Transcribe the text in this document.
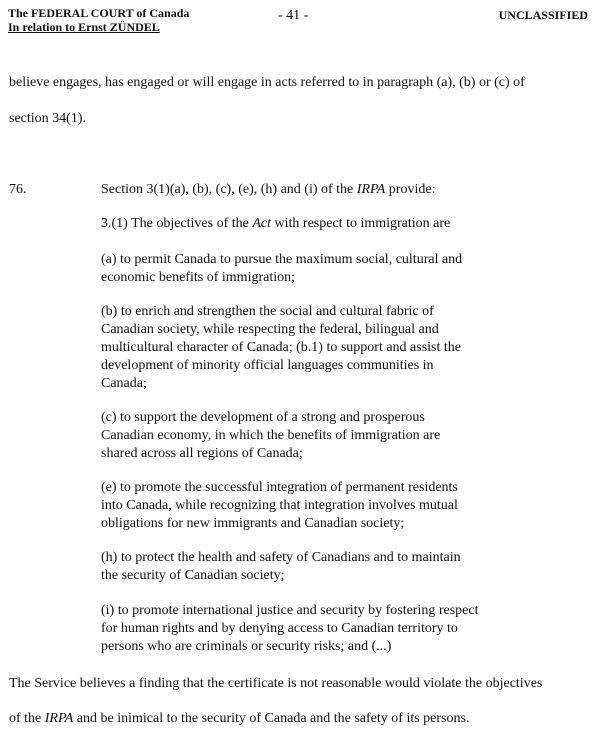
The FEDERAL COURT of Canada
In relation to Ernst ZÜNDEL
- 41 -	UNCLASSIFIED
believe engages, has engaged or will engage in acts referred to in paragraph (a), (b) or (c) of
section 34(1).
76.	Section 3(1)(a), (b), (c), (e), (h) and (i) of the IRPA provide:
3.(1) The objectives of the Act with respect to immigration are
(a) to permit Canada to pursue the maximum social, cultural and
economic benefits of immigration;
(b) to enrich and strengthen the social and cultural fabric of
Canadian society, while respecting the federal, bilingual and
multicultural character of Canada; (b.1) to support and assist the
development of minority official languages communities in
Canada;
(c) to support the development of a strong and prosperous
Canadian economy, in which the benefits of immigration are
shared across all regions of Canada;
(e) to promote the successful integration of permanent residents
into Canada, while recognizing that integration involves mutual
obligations for new immigrants and Canadian society;
(h) to protect the health and safety of Canadians and to maintain
the security of Canadian society;
(i) to promote international justice and security by fostering respect
for human rights and by denying access to Canadian territory to
persons who are criminals or security risks; and (...)
The Service believes a finding that the certificate is not reasonable would violate the objectives
of the IRPA and be inimical to the security of Canada and the safety of its persons.
